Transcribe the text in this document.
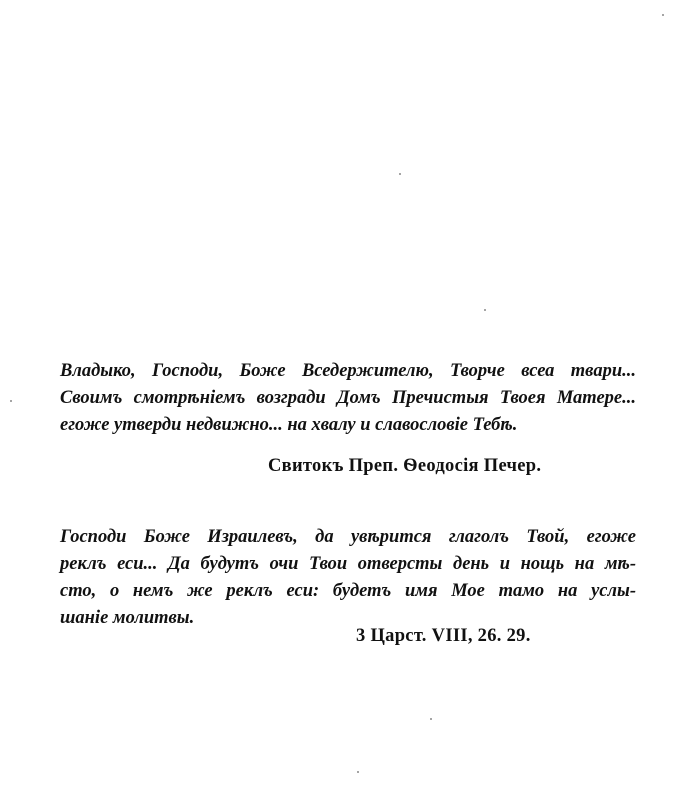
Владыко, Господи, Боже Вседержителю, Творче всеа твари...
Своимъ смотрѣніемъ возгради Домъ Пречистыя Твоея Матере...
егоже утверди недвижно... на хвалу и славословіе Тебѣ.
Свитокъ Преп. Ѳеодосія Печер.
Господи Боже Израилевъ, да увѣрится глаголъ Твой, егоже
реклъ еси... Да будутъ очи Твои отверсты день и нощь на мѣ-
сто, о немъ же реклъ еси: будетъ имя Мое тамо на услы-
шаніе молитвы.
3 Царст. VIII, 26. 29.
